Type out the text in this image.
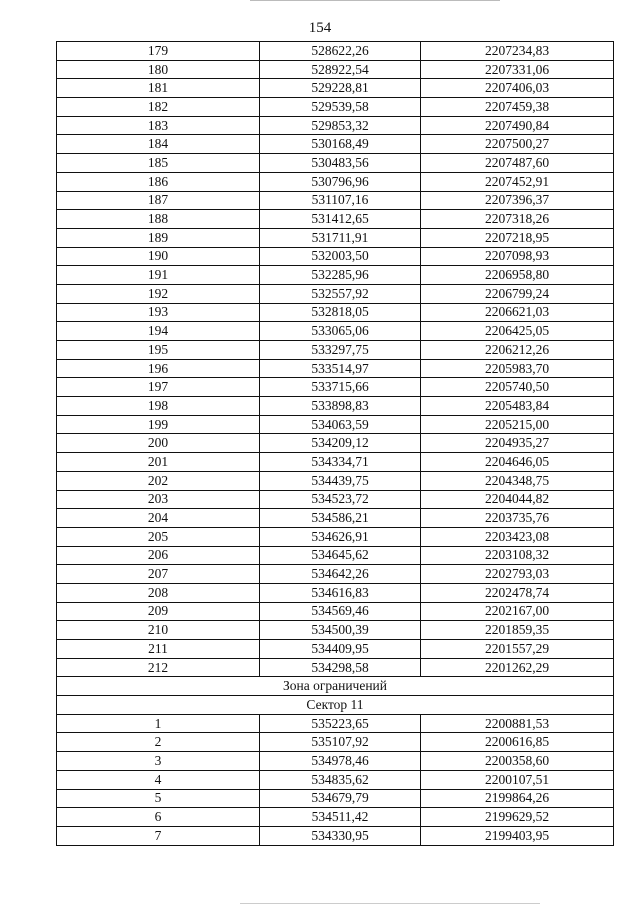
154
179	528622,26	2207234,83
180	528922,54	2207331,06
181	529228,81	2207406,03
182	529539,58	2207459,38
183	529853,32	2207490,84
184	530168,49	2207500,27
185	530483,56	2207487,60
186	530796,96	2207452,91
187	531107,16	2207396,37
188	531412,65	2207318,26
189	531711,91	2207218,95
190	532003,50	2207098,93
191	532285,96	2206958,80
192	532557,92	2206799,24
193	532818,05	2206621,03
194	533065,06	2206425,05
195	533297,75	2206212,26
196	533514,97	2205983,70
197	533715,66	2205740,50
198	533898,83	2205483,84
199	534063,59	2205215,00
200	534209,12	2204935,27
201	534334,71	2204646,05
202	534439,75	2204348,75
203	534523,72	2204044,82
204	534586,21	2203735,76
205	534626,91	2203423,08
206	534645,62	2203108,32
207	534642,26	2202793,03
208	534616,83	2202478,74
209	534569,46	2202167,00
210	534500,39	2201859,35
211	534409,95	2201557,29
212	534298,58	2201262,29
Зона ограничений		
Сектор 11		
1	535223,65	2200881,53
2	535107,92	2200616,85
3	534978,46	2200358,60
4	534835,62	2200107,51
5	534679,79	2199864,26
6	534511,42	2199629,52
7	534330,95	2199403,95
